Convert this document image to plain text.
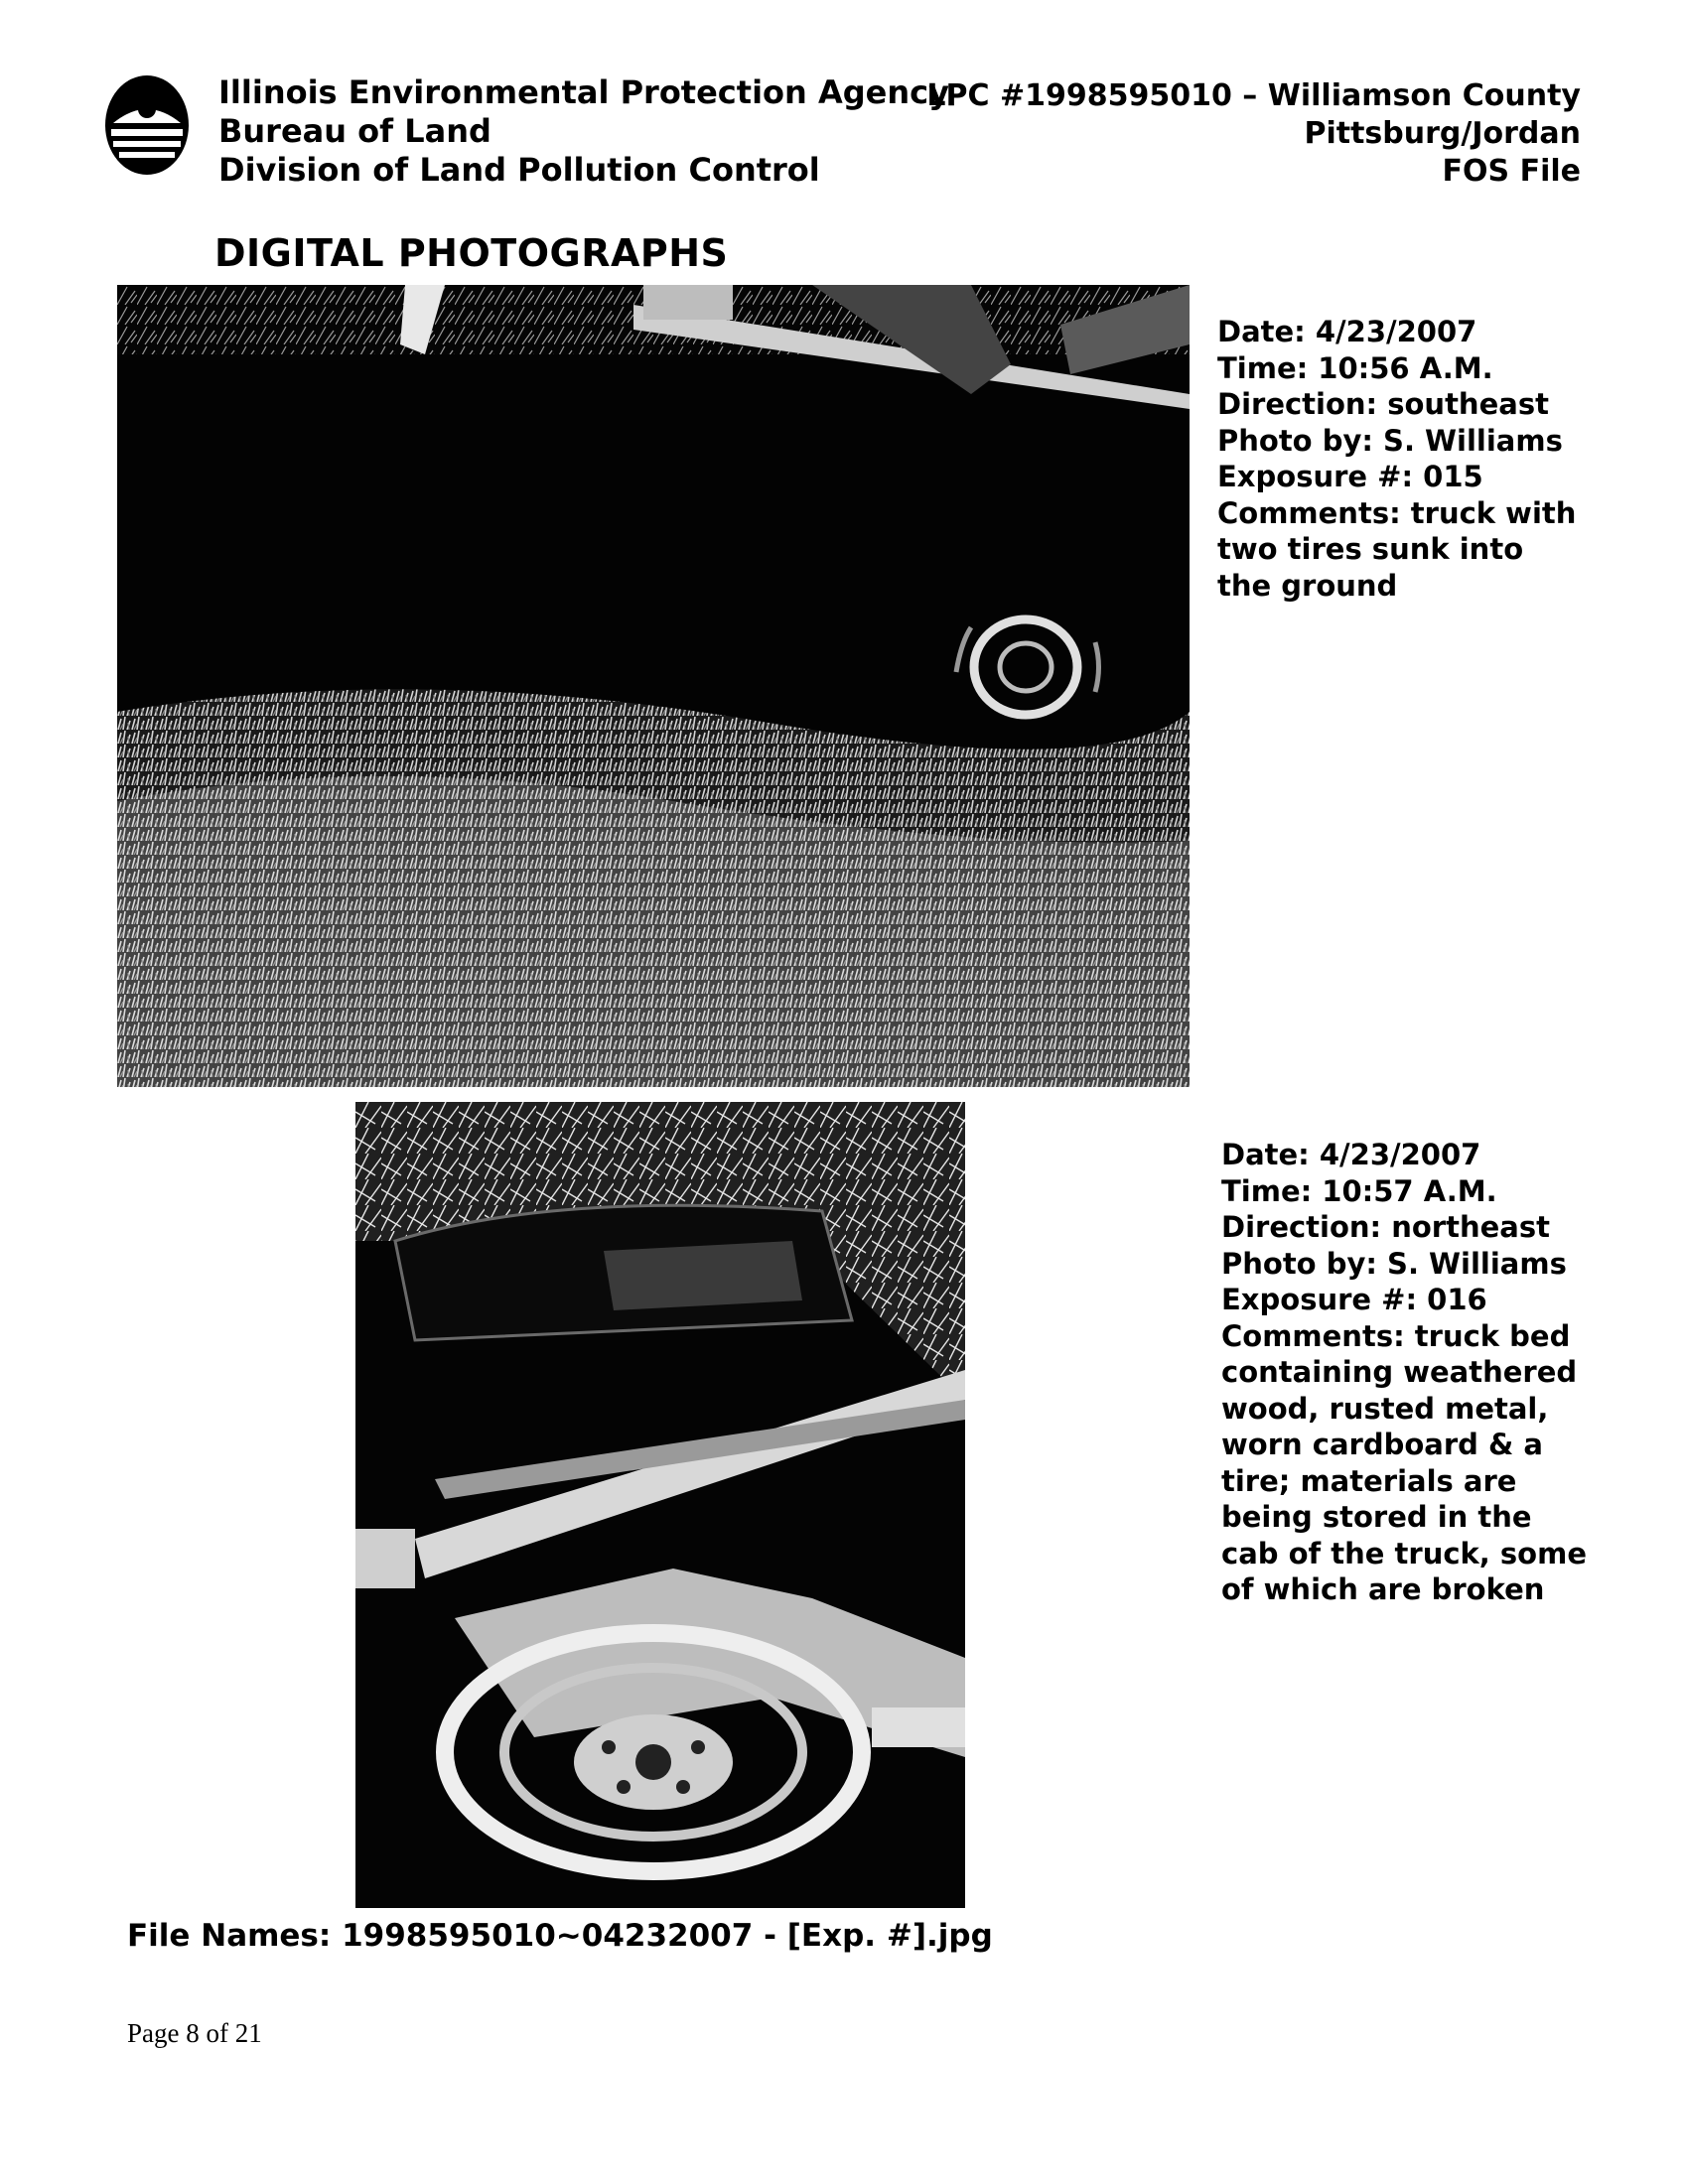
Illinois Environmental Protection Agency
Bureau of Land
Division of Land Pollution Control
LPC #1998595010 – Williamson County
Pittsburg/Jordan
FOS File
DIGITAL PHOTOGRAPHS
Date: 4/23/2007
Time: 10:56 A.M.
Direction: southeast
Photo by: S. Williams
Exposure #: 015
Comments: truck with
two tires sunk into
the ground
Date: 4/23/2007
Time: 10:57 A.M.
Direction: northeast
Photo by: S. Williams
Exposure #: 016
Comments: truck bed
containing weathered
wood, rusted metal,
worn cardboard & a
tire; materials are
being stored in the
cab of the truck, some
of which are broken
File Names: 1998595010~04232007 - [Exp. #].jpg
Page 8 of 21
